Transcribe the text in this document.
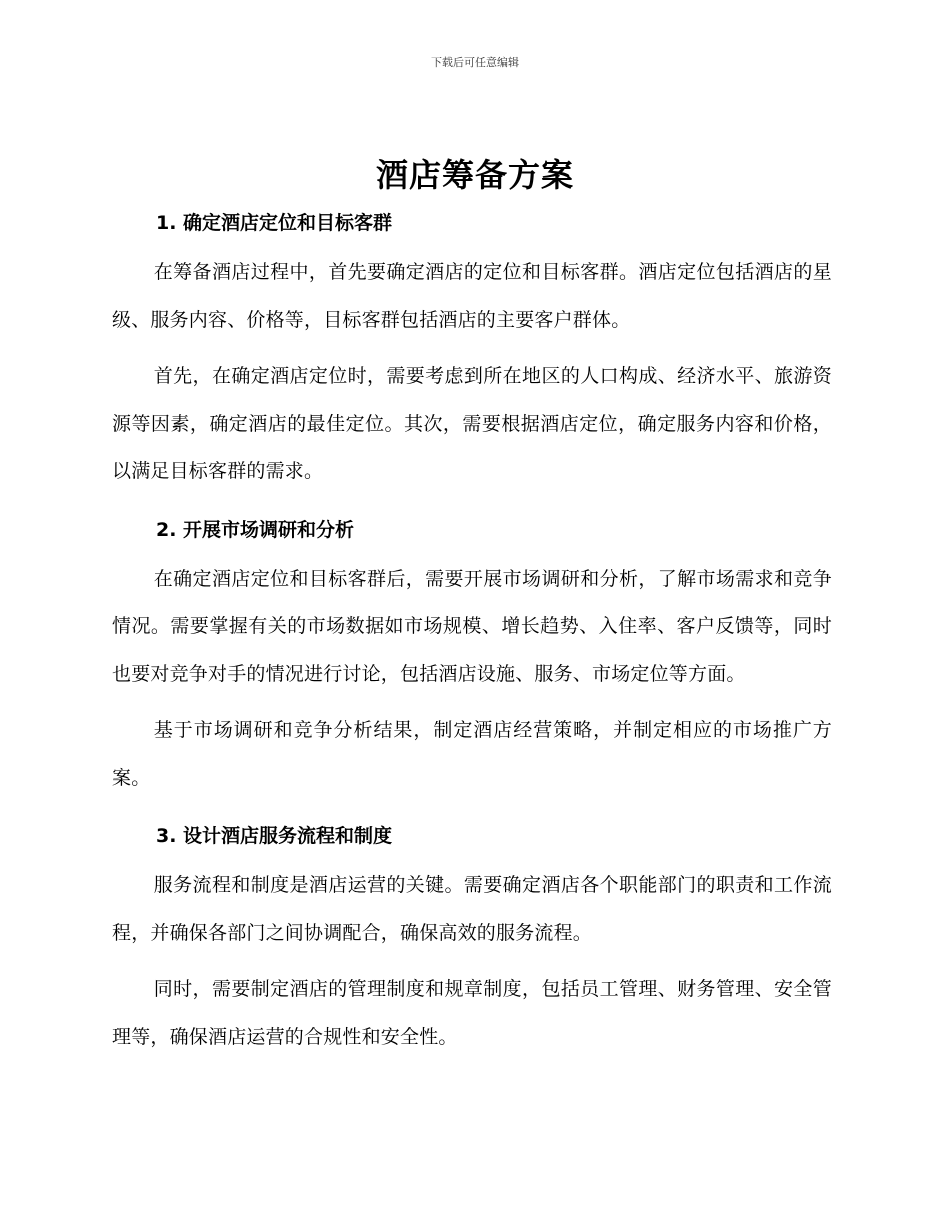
下载后可任意编辑
酒店筹备方案
1. 确定酒店定位和目标客群

在筹备酒店过程中，首先要确定酒店的定位和目标客群。酒店定位包括酒店的星级、服务内容、价格等，目标客群包括酒店的主要客户群体。

首先，在确定酒店定位时，需要考虑到所在地区的人口构成、经济水平、旅游资源等因素，确定酒店的最佳定位。其次，需要根据酒店定位，确定服务内容和价格，以满足目标客群的需求。

2. 开展市场调研和分析

在确定酒店定位和目标客群后，需要开展市场调研和分析，了解市场需求和竞争情况。需要掌握有关的市场数据如市场规模、增长趋势、入住率、客户反馈等，同时也要对竞争对手的情况进行讨论，包括酒店设施、服务、市场定位等方面。

基于市场调研和竞争分析结果，制定酒店经营策略，并制定相应的市场推广方案。

3. 设计酒店服务流程和制度

服务流程和制度是酒店运营的关键。需要确定酒店各个职能部门的职责和工作流程，并确保各部门之间协调配合，确保高效的服务流程。

同时，需要制定酒店的管理制度和规章制度，包括员工管理、财务管理、安全管理等，确保酒店运营的合规性和安全性。
